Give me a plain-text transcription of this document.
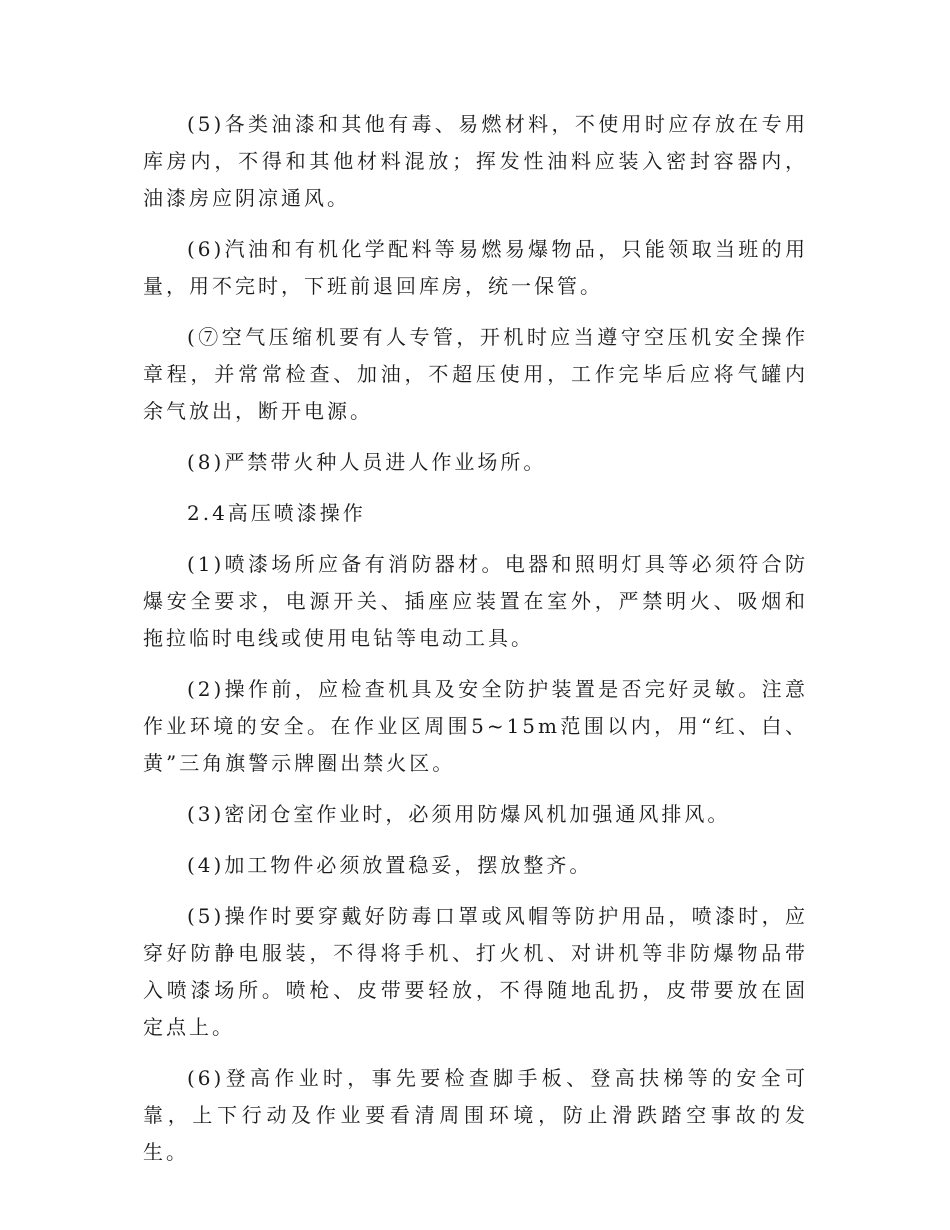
(5)各类油漆和其他有毒、易燃材料，不使用时应存放在专用库房内，不得和其他材料混放；挥发性油料应装入密封容器内，油漆房应阴凉通风。

(6)汽油和有机化学配料等易燃易爆物品，只能领取当班的用量，用不完时，下班前退回库房，统一保管。

(⑦空气压缩机要有人专管，开机时应当遵守空压机安全操作章程，并常常检查、加油，不超压使用，工作完毕后应将气罐内余气放出，断开电源。

(8)严禁带火种人员进人作业场所。

2.4高压喷漆操作

(1)喷漆场所应备有消防器材。电器和照明灯具等必须符合防爆安全要求，电源开关、插座应装置在室外，严禁明火、吸烟和拖拉临时电线或使用电钻等电动工具。

(2)操作前，应检查机具及安全防护装置是否完好灵敏。注意作业环境的安全。在作业区周围5~15m范围以内，用“红、白、黄”三角旗警示牌圈出禁火区。

(3)密闭仓室作业时，必须用防爆风机加强通风排风。

(4)加工物件必须放置稳妥，摆放整齐。

(5)操作时要穿戴好防毒口罩或风帽等防护用品，喷漆时，应穿好防静电服装，不得将手机、打火机、对讲机等非防爆物品带入喷漆场所。喷枪、皮带要轻放，不得随地乱扔，皮带要放在固定点上。

(6)登高作业时，事先要检查脚手板、登高扶梯等的安全可靠，上下行动及作业要看清周围环境，防止滑跌踏空事故的发生。
